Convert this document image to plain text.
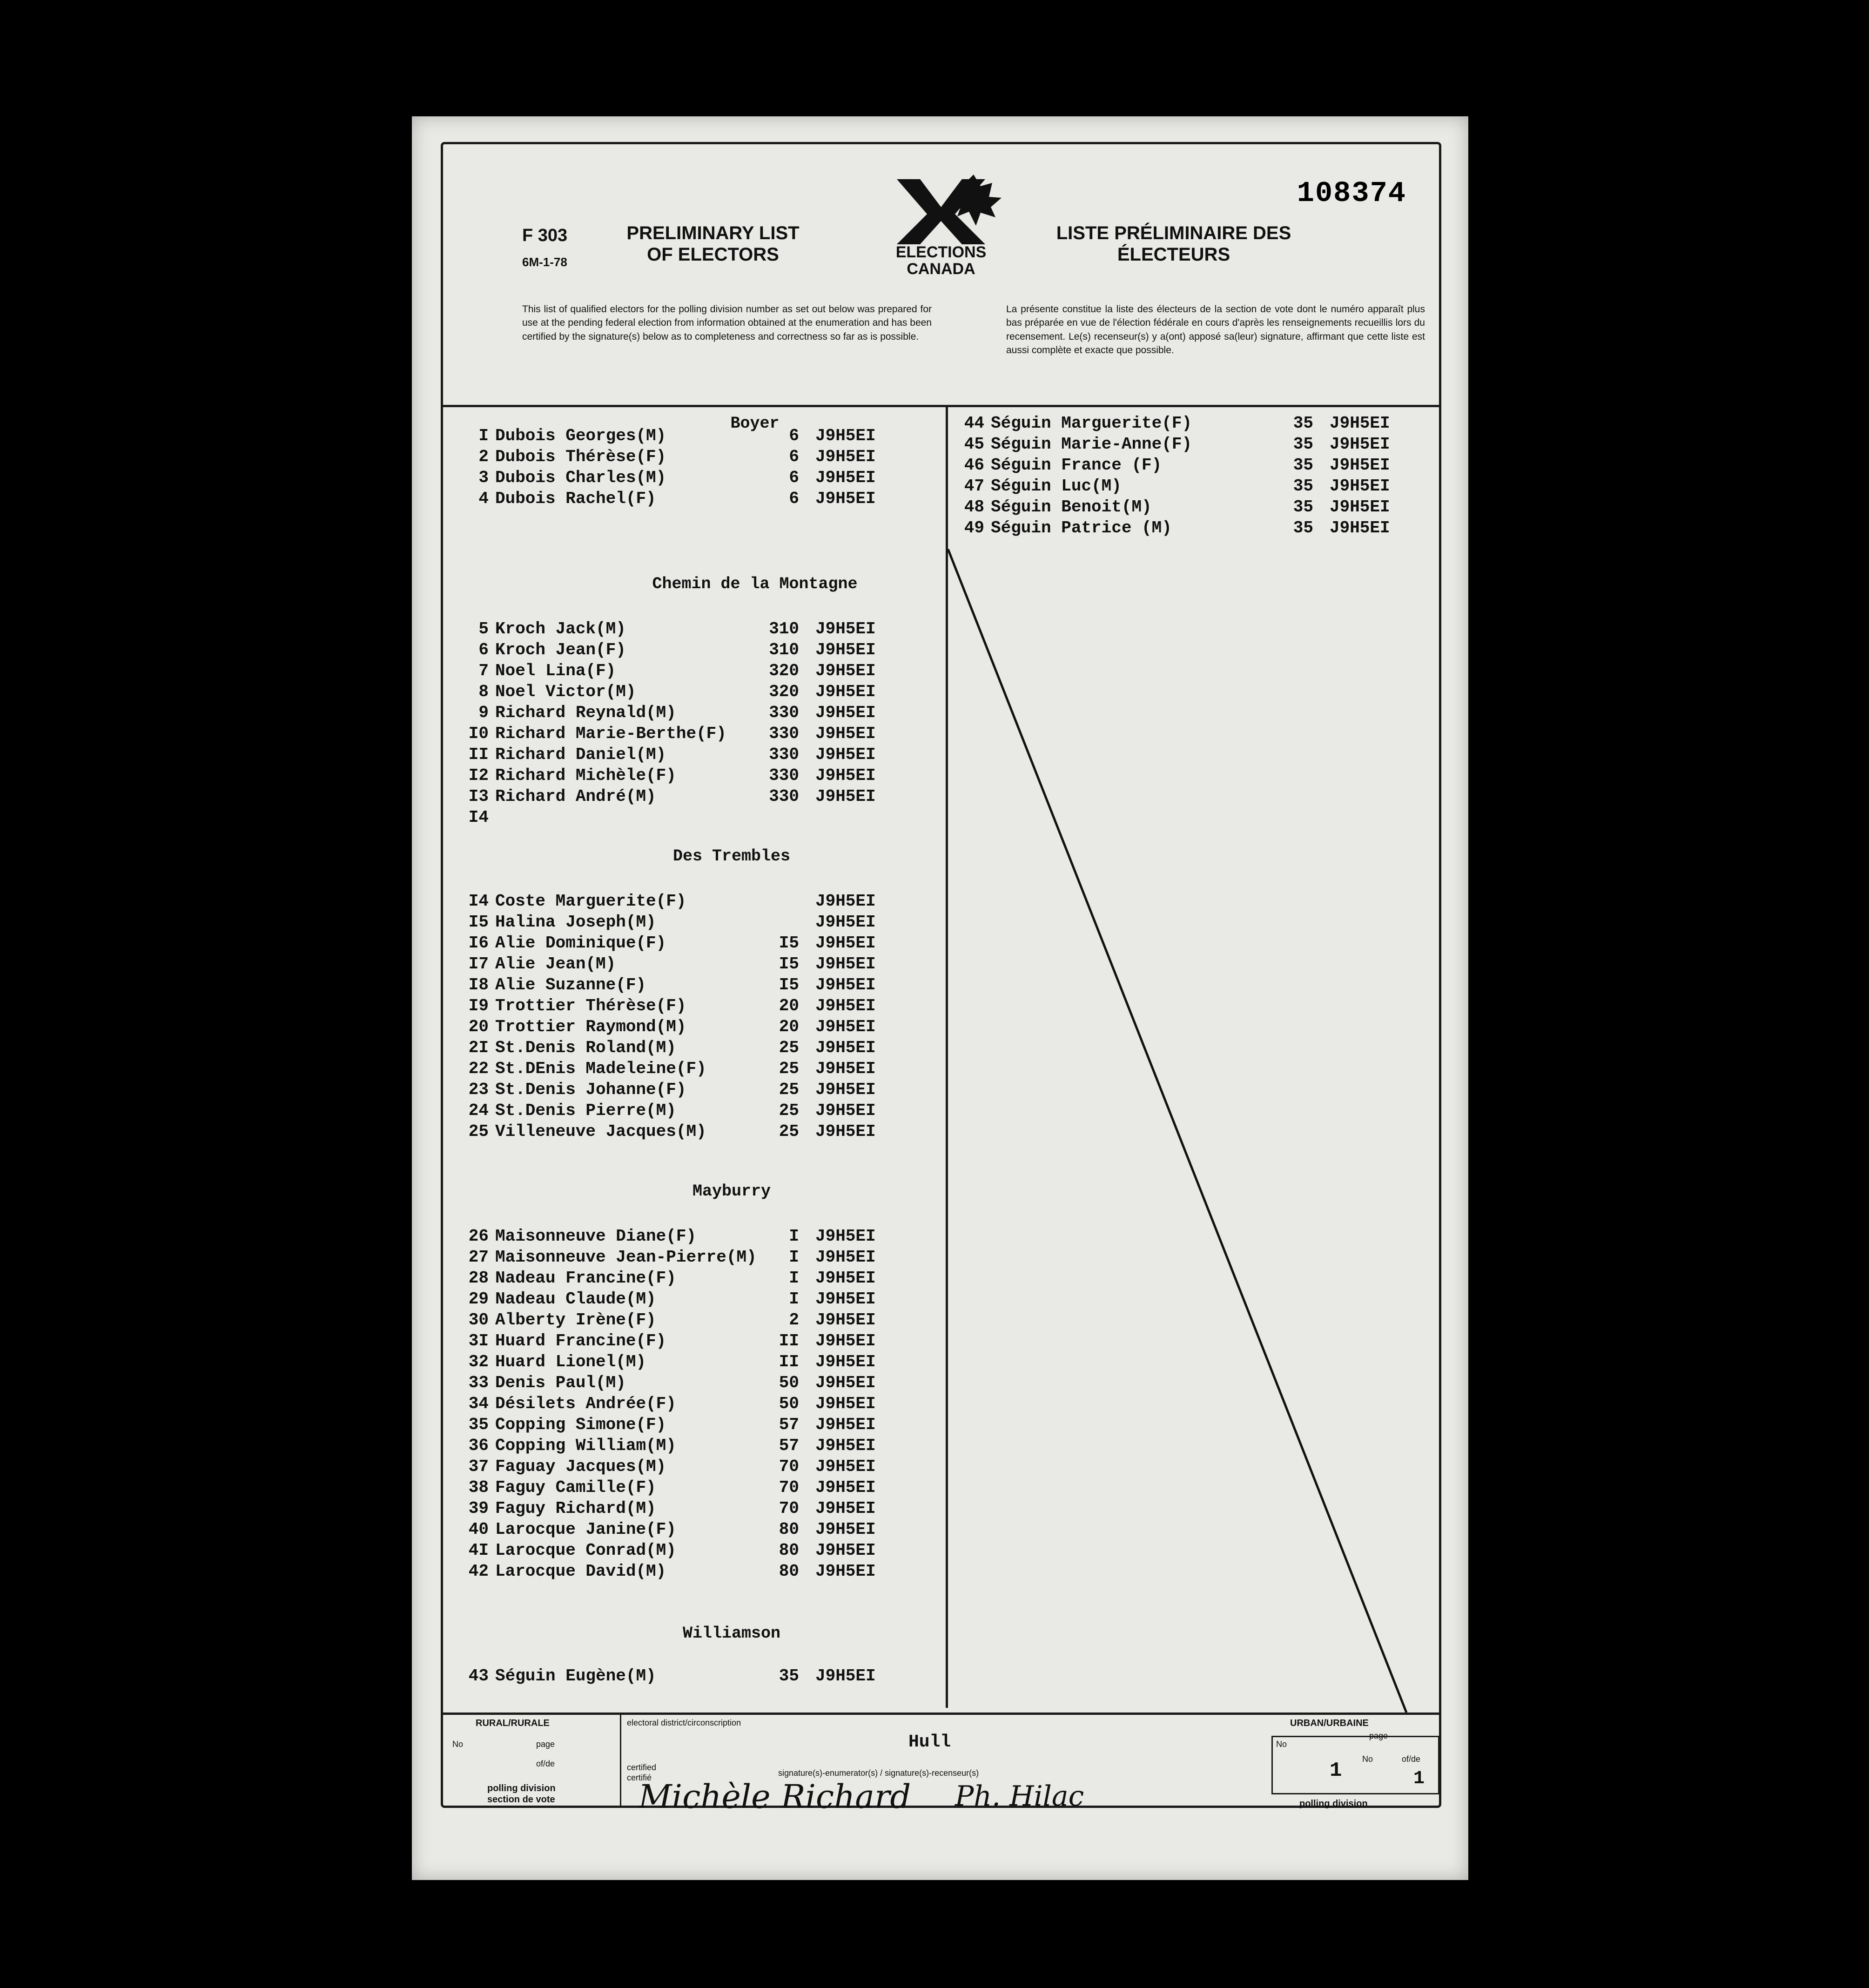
F 303
6M-1-78
PRELIMINARY LIST OF ELECTORS	ELECTIONS
CANADA
LISTE PRÉLIMINAIRE DES ÉLECTEURS
108374
This list of qualified electors for the polling division number as set out below was prepared for use at the pending federal election from information obtained at the enumeration and has been certified by the signature(s) below as to completeness and correctness so far as is possible.
La présente constitue la liste des électeurs de la section de vote dont le numéro apparaît plus bas préparée en vue de l'élection fédérale en cours d'après les renseignements recueillis lors du recensement. Le(s) recenseur(s) y a(ont) apposé sa(leur) signature, affirmant que cette liste est aussi complète et exacte que possible.
Boyer
Chemin de la Montagne
Des Trembles
Mayburry
Williamson
I Dubois Georges(M)	6 J9H5EI
2 Dubois Thérèse(F)	6 J9H5EI
3 Dubois Charles(M)	6 J9H5EI
4 Dubois Rachel(F)	6 J9H5EI
5 Kroch Jack(M)	310 J9H5EI
6 Kroch Jean(F)	310 J9H5EI
7 Noel Lina(F)	320 J9H5EI
8 Noel Victor(M)	320 J9H5EI
9 Richard Reynald(M)	330 J9H5EI
I0 Richard Marie-Berthe(F)	330 J9H5EI
II Richard Daniel(M)	330 J9H5EI
I2 Richard Michèle(F)	330 J9H5EI
I3 Richard André(M)	330 J9H5EI
I4
I4 Coste Marguerite(F)	J9H5EI
I5 Halina Joseph(M)	J9H5EI
I6 Alie Dominique(F)	I5 J9H5EI
I7 Alie Jean(M)	I5 J9H5EI
I8 Alie Suzanne(F)	I5 J9H5EI
I9 Trottier Thérèse(F)	20 J9H5EI
20 Trottier Raymond(M)	20 J9H5EI
2I St.Denis Roland(M)	25 J9H5EI
22 St.DEnis Madeleine(F)	25 J9H5EI
23 St.Denis Johanne(F)	25 J9H5EI
24 St.Denis Pierre(M)	25 J9H5EI
25 Villeneuve Jacques(M)	25 J9H5EI
26 Maisonneuve Diane(F)	I J9H5EI
27 Maisonneuve Jean-Pierre(M)	I J9H5EI
28 Nadeau Francine(F)	I J9H5EI
29 Nadeau Claude(M)	I J9H5EI
30 Alberty Irène(F)	2 J9H5EI
3I Huard Francine(F)	II J9H5EI
32 Huard Lionel(M)	II J9H5EI
33 Denis Paul(M)	50 J9H5EI
34 Désilets Andrée(F)	50 J9H5EI
35 Copping Simone(F)	57 J9H5EI
36 Copping William(M)	57 J9H5EI
37 Faguay Jacques(M)	70 J9H5EI
38 Faguy Camille(F)	70 J9H5EI
39 Faguy Richard(M)	70 J9H5EI
40 Larocque Janine(F)	80 J9H5EI
4I Larocque Conrad(M)	80 J9H5EI
42 Larocque David(M)	80 J9H5EI
43 Séguin Eugène(M)	35 J9H5EI
44 Séguin Marguerite(F)	35 J9H5EI
45 Séguin Marie-Anne(F)	35 J9H5EI
46 Séguin France (F)	35 J9H5EI
47 Séguin Luc(M)	35 J9H5EI
48 Séguin Benoit(M)	35 J9H5EI
49 Séguin Patrice (M)	35 J9H5EI
RURAL/RURALE	electoral district/circonscription
Hull
URBAN/URBAINE
No	page
of/de	certified
certifié	signature(s)-enumerator(s) / signature(s)-recenseur(s)
polling division
section de vote	Michèle Richard Ph. Hilac
No
page
No	of/de
1	1
polling division
